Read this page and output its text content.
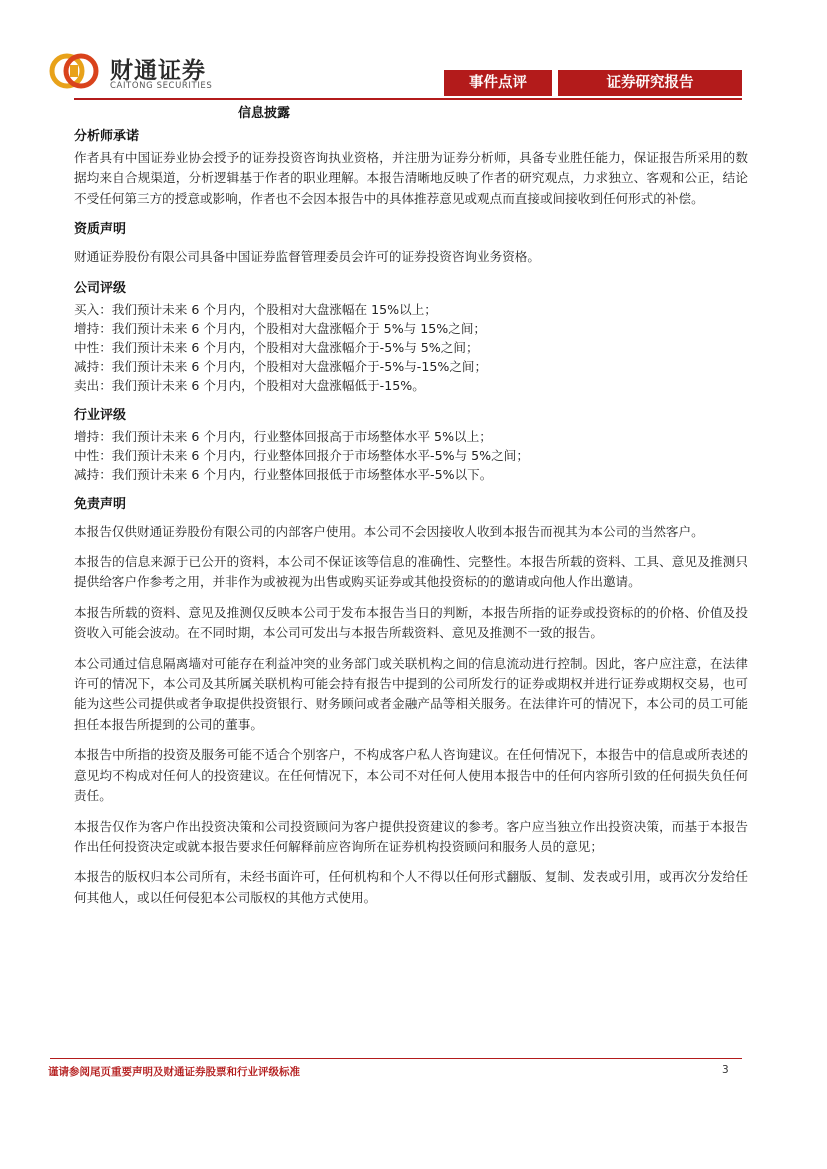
财通证券
CAITONG SECURITIES	事件点评	证券研究报告
信息披露
分析师承诺
作者具有中国证券业协会授予的证券投资咨询执业资格，并注册为证券分析师，具备专业胜任能力，保证报告所采用的数据均来自合规渠道，分析逻辑基于作者的职业理解。本报告清晰地反映了作者的研究观点，力求独立、客观和公正，结论不受任何第三方的授意或影响，作者也不会因本报告中的具体推荐意见或观点而直接或间接收到任何形式的补偿。
资质声明
财通证券股份有限公司具备中国证券监督管理委员会许可的证券投资咨询业务资格。
公司评级
买入：我们预计未来 6 个月内，个股相对大盘涨幅在 15%以上；
增持：我们预计未来 6 个月内，个股相对大盘涨幅介于 5%与 15%之间；
中性：我们预计未来 6 个月内，个股相对大盘涨幅介于-5%与 5%之间；
减持：我们预计未来 6 个月内，个股相对大盘涨幅介于-5%与-15%之间；
卖出：我们预计未来 6 个月内，个股相对大盘涨幅低于-15%。
行业评级
增持：我们预计未来 6 个月内，行业整体回报高于市场整体水平 5%以上；
中性：我们预计未来 6 个月内，行业整体回报介于市场整体水平-5%与 5%之间；
减持：我们预计未来 6 个月内，行业整体回报低于市场整体水平-5%以下。
免责声明
本报告仅供财通证券股份有限公司的内部客户使用。本公司不会因接收人收到本报告而视其为本公司的当然客户。
本报告的信息来源于已公开的资料，本公司不保证该等信息的准确性、完整性。本报告所载的资料、工具、意见及推测只提供给客户作参考之用，并非作为或被视为出售或购买证券或其他投资标的的邀请或向他人作出邀请。
本报告所载的资料、意见及推测仅反映本公司于发布本报告当日的判断，本报告所指的证券或投资标的的价格、价值及投资收入可能会波动。在不同时期，本公司可发出与本报告所载资料、意见及推测不一致的报告。
本公司通过信息隔离墙对可能存在利益冲突的业务部门或关联机构之间的信息流动进行控制。因此，客户应注意，在法律许可的情况下，本公司及其所属关联机构可能会持有报告中提到的公司所发行的证券或期权并进行证券或期权交易，也可能为这些公司提供或者争取提供投资银行、财务顾问或者金融产品等相关服务。在法律许可的情况下，本公司的员工可能担任本报告所提到的公司的董事。
本报告中所指的投资及服务可能不适合个别客户，不构成客户私人咨询建议。在任何情况下，本报告中的信息或所表述的意见均不构成对任何人的投资建议。在任何情况下，本公司不对任何人使用本报告中的任何内容所引致的任何损失负任何责任。
本报告仅作为客户作出投资决策和公司投资顾问为客户提供投资建议的参考。客户应当独立作出投资决策，而基于本报告作出任何投资决定或就本报告要求任何解释前应咨询所在证券机构投资顾问和服务人员的意见；
本报告的版权归本公司所有，未经书面许可，任何机构和个人不得以任何形式翻版、复制、发表或引用，或再次分发给任何其他人，或以任何侵犯本公司版权的其他方式使用。
谨请参阅尾页重要声明及财通证券股票和行业评级标准	3
